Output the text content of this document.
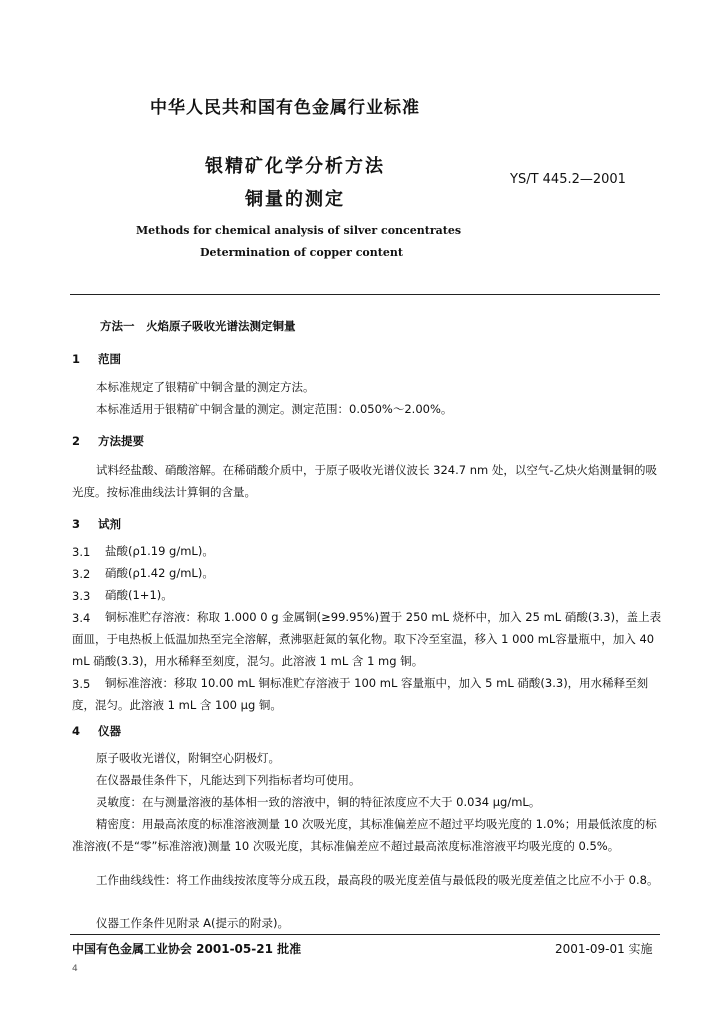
中华人民共和国有色金属行业标准
银精矿化学分析方法
铜量的测定
YS/T 445.2—2001
Methods for chemical analysis of silver concentrates
Determination of copper content
方法一　火焰原子吸收光谱法测定铜量
1 范围
本标准规定了银精矿中铜含量的测定方法。
本标准适用于银精矿中铜含量的测定。测定范围：0.050%～2.00%。
2 方法提要
试料经盐酸、硝酸溶解。在稀硝酸介质中，于原子吸收光谱仪波长 324.7 nm 处，以空气-乙炔火焰测量铜的吸光度。按标准曲线法计算铜的含量。
3 试剂
3.1 盐酸(ρ1.19 g/mL)。
3.2 硝酸(ρ1.42 g/mL)。
3.3 硝酸(1+1)。
3.4	铜标准贮存溶液：称取 1.000 0 g 金属铜(≥99.95%)置于 250 mL 烧杯中，加入 25 mL 硝酸(3.3)，盖上表面皿，于电热板上低温加热至完全溶解，煮沸驱赶氮的氧化物。取下冷至室温，移入 1 000 mL容量瓶中，加入 40 mL 硝酸(3.3)，用水稀释至刻度，混匀。此溶液 1 mL 含 1 mg 铜。
3.5	铜标准溶液：移取 10.00 mL 铜标准贮存溶液于 100 mL 容量瓶中，加入 5 mL 硝酸(3.3)，用水稀释至刻度，混匀。此溶液 1 mL 含 100 μg 铜。
4 仪器
原子吸收光谱仪，附铜空心阴极灯。
在仪器最佳条件下，凡能达到下列指标者均可使用。
灵敏度：在与测量溶液的基体相一致的溶液中，铜的特征浓度应不大于 0.034 μg/mL。
精密度：用最高浓度的标准溶液测量 10 次吸光度，其标准偏差应不超过平均吸光度的 1.0%；用最低浓度的标准溶液(不是“零”标准溶液)测量 10 次吸光度，其标准偏差应不超过最高浓度标准溶液平均吸光度的 0.5%。
工作曲线线性：将工作曲线按浓度等分成五段，最高段的吸光度差值与最低段的吸光度差值之比应不小于 0.8。
仪器工作条件见附录 A(提示的附录)。
中国有色金属工业协会 2001-05-21 批准	2001-09-01 实施
4
